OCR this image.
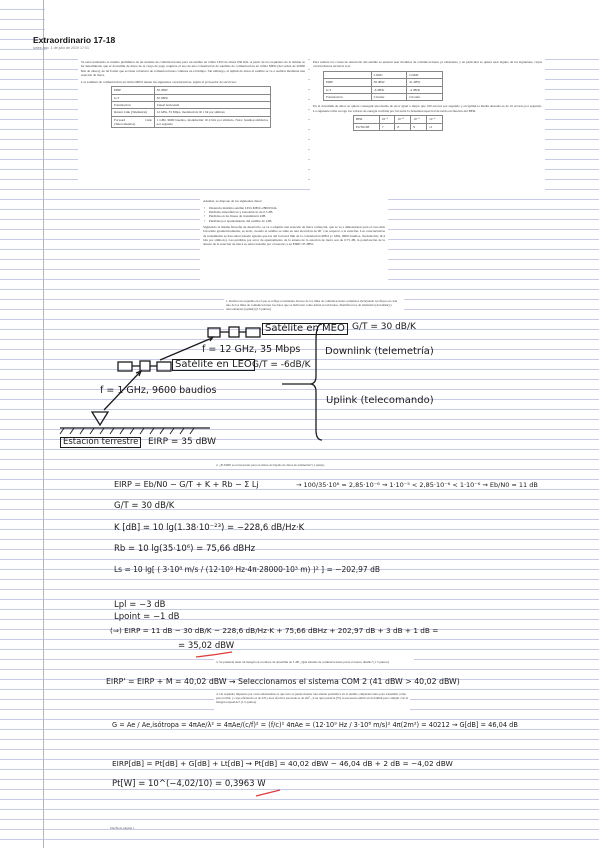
Extraordinario 17-18
lunes ago. 1 de julio de 2019 17:01

Se está realizando el estudio preliminar de un sistema de comunicaciones para un satélite en órbita LEO de altura 650 Km. A partir de los requisitos de la misión se ha determinado que el downlink de datos de la carga de pago requiere el uso de una constelación de satélites de comunicación en órbita MEO (del orden de 20000 Km de altura), de tal forma que se tiene cobertura de comunicaciones continua en el tiempo. Sin embargo, el uplink de datos al satélite se va a realizar mediante una estación de tierra.

Los satélites de comunicación en órbita MEO tienen las siguientes características, según el proveedor de servicios:

EIRP	30 dBW
G/T	30 dB/K
Polarización	Lineal horizontal
Return Link (Telemetría)	12 GHz, 35 Mbps, modulación: Φ 1 bit por símbolo
Forward Link (Telecomandos)	1 GHz, 9600 baudios, modulación: Φ 4 bits por símbolo. Nota: baudios=símbolos por segundo

Para reducir los costes de desarrollo del satélite se quieren usar módulos de comunicaciones ya existentes, y en particular se quiere usar alguno de los siguientes, cuyas características técnicas son:

	COM1	COM2
EIRP	38 dBW	41 dBW
G/T	-6 dB/K	-4 dB/K
Polarización	Circular	Circular

En el downlink de datos se quiere conseguir una media de error igual o mejor que 100 errores por segundo y en uplink la media deseada es de 10 errores por segundo. La siguiente tabla recoge los valores de energía recibida por bit entre la densidad espectral de ruido en función del BER.

BER	10⁻³	10⁻⁴	10⁻⁵	10⁻⁶
Eb/N0 dB	7	8	9	11

Además, se dispone de los siguientes datos:

• Distancia máxima satélite LEO-MEO=28000 Km.
• Pérdidas atmosféricas y ionosféricas de 0.5 dB.
• Pérdidas en las líneas de transmisión 2dB.
• Pérdidas por apuntamiento del satélite de 1dB.

Siguiendo la misma filosofía de desarrollo, se va a adquirir una estación de tierra comercial, que se va a dimensionar para el caso más favorable geométricamente, es decir, cuando el satélite se sitúe en una elevación de 90º con respecto a la estación. Las características de transmisión se han seleccionado iguales que las del forward link de la constelación MEO (1 GHz, 9600 baudios, modulación: Φ 4 bits por símbolo). Las pérdidas por error de apuntamiento de la antena de la estación de tierra son de 0.75 dB, la polarización de la antena de la estación de tierra es seleccionable por el usuario y su EIRP=35 dBW.

1. Realice un esquema en el que se refleje el elemento del uso de los links de comunicaciones completos incluyendo los flujos en cada uno de los links de comunicaciones los datos que se indicaron como deben ser ubicados. Identificar los de telemetría (downlink) y telecomandos (uplink) (0.5 puntos)
Satélite en MEO G/T = 30 dB/K
f = 12 GHz, 35 Mbps Downlink (telemetría)
Satélite en LEO G/T = -6dB/K
f = 1 GHz, 9600 baudios
Uplink (telecomando)
Estación terrestre	EIRP = 35 dBW
2. ¿El EIRP es el necesario para el enlace de bajada de datos de telemetría? (1 punto)
EIRP = Eb/N0 − G/T + K + Rb − Σ Lj	→ 100/35·10⁶ = 2,85·10⁻⁶ ⇝ 1·10⁻⁵ < 2,85·10⁻⁶ < 1·10⁻⁶ ⇝ Eb/N0 = 11 dB
G/T = 30 dB/K
K [dB] = 10 lg(1.38·10⁻²³) = −228,6 dB/Hz·K
Rb = 10 lg(35·10⁶) = 75,66 dBHz
Ls = 10 lg[ ( 3·10⁸ m/s / (12·10⁹ Hz·4π·28000·10³ m) )² ] = −202,97 dB
Lpl = −3 dB
Lpoint = −1 dB
(⇒) EIRP = 11 dB − 30 dB/K − 228,6 dB/Hz·K + 75,66 dBHz + 202,97 dB + 3 dB + 1 dB =
= 35,02 dBW
3. Se pretende tener un margen en el enlace de downlink de 3 dB. ¿Qué sistema de comunicaciones prevé el nuevo diseño? (1.5 puntos)
EIRP' = EIRP + M = 40,02 dBW ⇝ Seleccionamos el sistema COM 2 (41 dBW > 40,02 dBW)
4. Un requisito impuesto por otros subsistemas es que solo se puede montar una antena parabólica en el satélite, empleada tanto para transmitir como para recibir, y cuya eficiencia es de 0.8 y área efectiva asociada es de 2m². ¿Con qué potencia (W) es necesario emitir en downlink para cumplir con el margen requerido? (1.5 puntos)
G = Ae / Ae,isótropa = 4πAe/λ² = 4πAe/(c/f)² = (f/c)² 4πAe = (12·10⁹ Hz / 3·10⁸ m/s)² 4π(2m²) = 40212 ⇝ G[dB] = 46,04 dB
EIRP[dB] = Pt[dB] + G[dB] + Lt[dB] ⇝ Pt[dB] = 40,02 dBW − 46,04 dB + 2 dB = −4,02 dBW
Pt[W] = 10^(−4,02/10) = 0,3963 W
OneNote página 1
